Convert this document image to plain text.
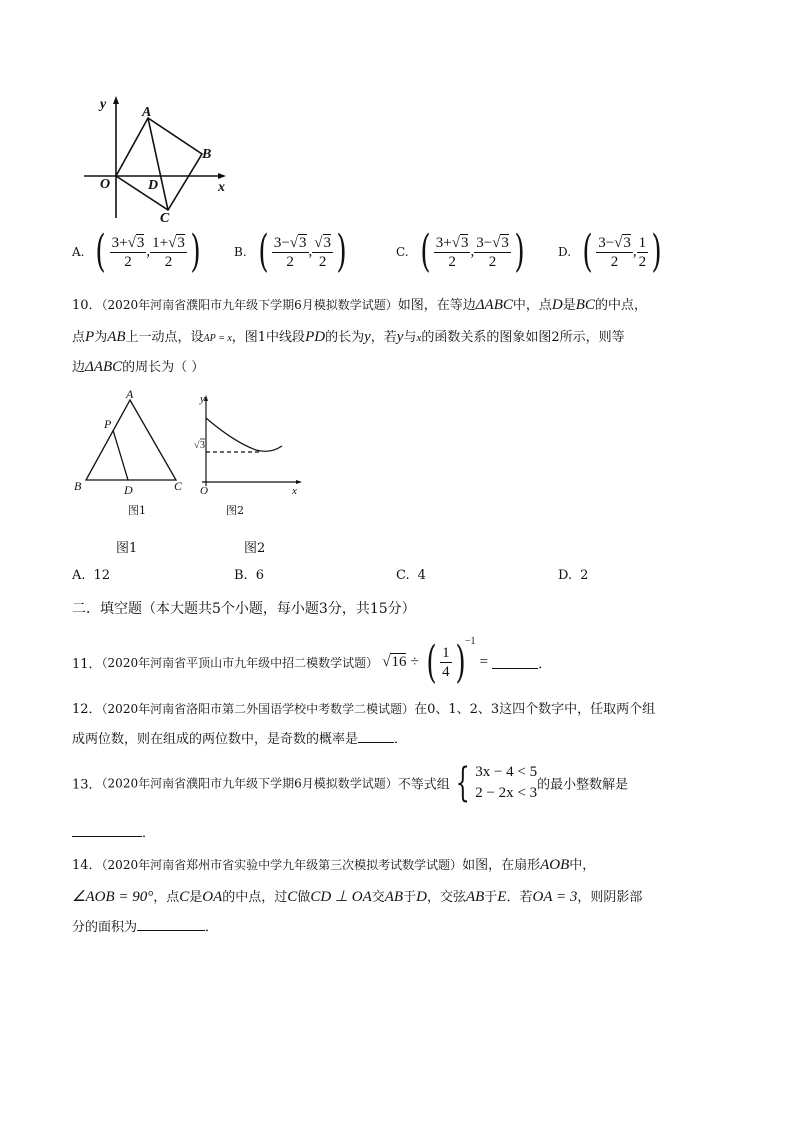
y
x
O
A
B
C
D
A. ( $\frac{3+√3}{2}$ , $\frac{1+√3}{2}$ )	B. ( $\frac{3-√3}{2}$ , $\frac{√3}{2}$ )	C. ( $\frac{3+√3}{2}$ , $\frac{3-√3}{2}$ )	D. ( $\frac{3-√3}{2}$ , $\frac{1}{2}$ )
10．（2020年河南省濮阳市九年级下学期6月模拟数学试题）如图，在等边ΔABC中，点D是BC的中点，
点P为AB上一动点，设AP = x，图1中线段PD的长为y，若y与x的函数关系的图象如图2所示，则等
边ΔABC的周长为（ ）
A
P
B	D	C
图1
y
O	x
√ 3
图2
图1	图2
A. 12	B. 6	C. 4	D. 2
二．填空题（本大题共5个小题，每小题3分，共15分）
11．（2020年河南省平顶山市九年级中招二模数学试题） √16 ÷ ( $\frac{1}{4} )^{-1}$ =	．
12．（2020年河南省洛阳市第二外国语学校中考数学二模试题）在0、1、2、3这四个数字中，任取两个组
成两位数，则在组成的两位数中，是奇数的概率是	．
13．（2020年河南省濮阳市九年级下学期6月模拟数学试题）不等式组 { 3x − 4 < 5
2 − 2x < 3 的最小整数解是
．
14．（2020年河南省郑州市省实验中学九年级第三次模拟考试数学试题）如图，在扇形AOB中，
∠AOB = 90°，点C是OA的中点，过C做CD ⊥ OA交AB于D，交弦AB于E．若OA = 3，则阴影部
分的面积为	．
